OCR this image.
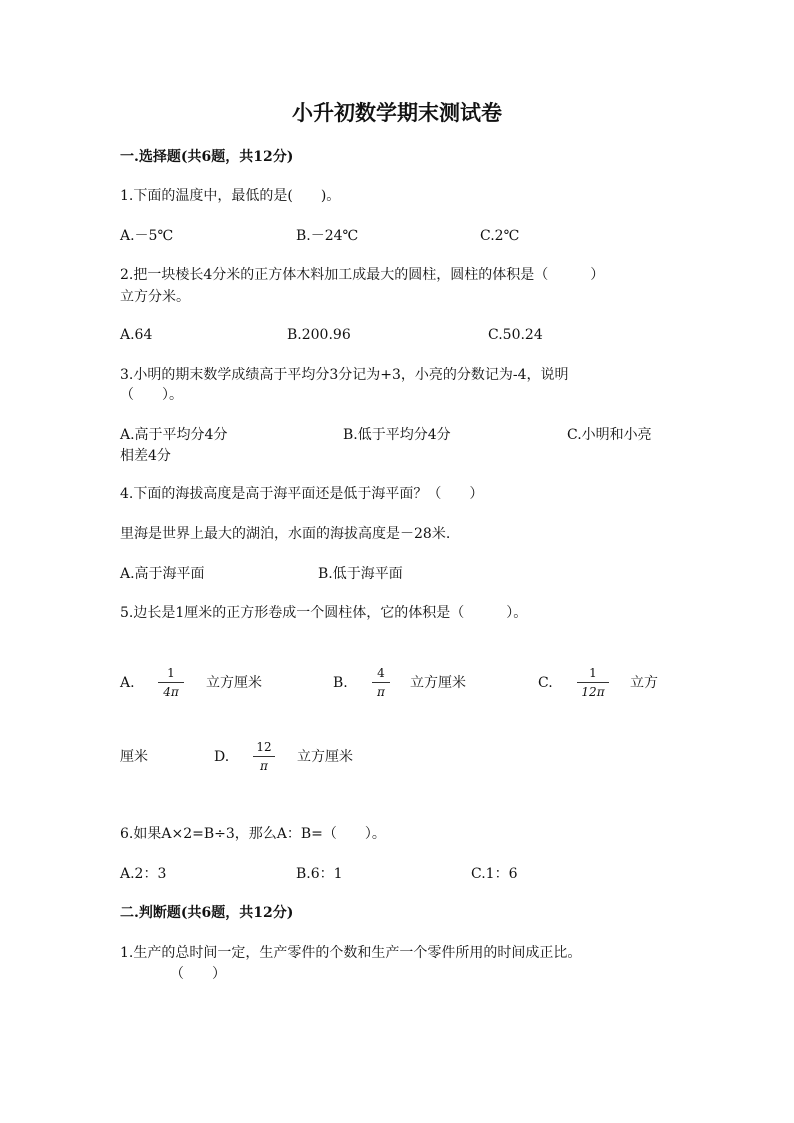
小升初数学期末测试卷
一.选择题(共6题，共12分)
1.下面的温度中，最低的是(　　)。
A.－5℃	B.－24℃	C.2℃
2.把一块棱长4分米的正方体木料加工成最大的圆柱，圆柱的体积是（　　　）
立方分米。
A.64	B.200.96	C.50.24
3.小明的期末数学成绩高于平均分3分记为+3，小亮的分数记为-4，说明
（　　）。
A.高于平均分4分	B.低于平均分4分	C.小明和小亮
相差4分
4.下面的海拔高度是高于海平面还是低于海平面？（　　）
里海是世界上最大的湖泊，水面的海拔高度是－28米.
A.高于海平面	B.低于海平面
5.边长是1厘米的正方形卷成一个圆柱体，它的体积是（　　　）。
A. $\frac{1}{4\pi}$ 立方厘米	B. $\frac{4}{\pi}$ 立方厘米	C. $\frac{1}{12\pi}$ 立方
厘米	D. $\frac{12}{\pi}$ 立方厘米
6.如果A×2=B÷3，那么A：B=（　　）。
A.2：3	B.6：1	C.1：6
二.判断题(共6题，共12分)
1.生产的总时间一定，生产零件的个数和生产一个零件所用的时间成正比。
（　　）
